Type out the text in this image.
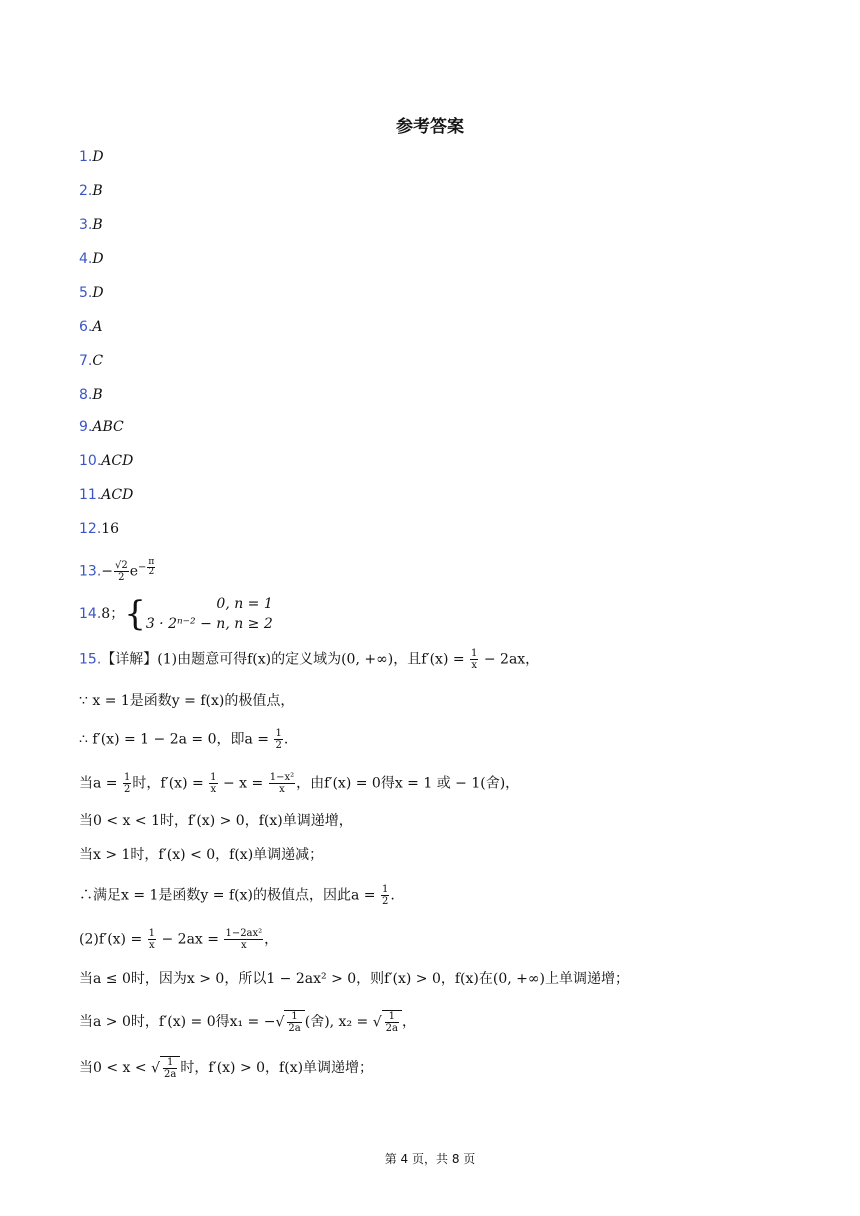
参考答案
1.D
2.B
3.B
4.D
5.D
6.A
7.C
8.B
9.ABC
10.ACD
11.ACD
12.16
$13.- \frac{√2}{2} e^{- \frac{\pi}{2}}$
14.8；{	0, n = 1
3 · 2ⁿ⁻² − n, n ≥ 2
15.【详解】(1)由题意可得f(x)的定义域为(0, +∞)，且$f'(x) = \frac{1}{x} - 2ax$，
∵ x = 1是函数y = f(x)的极值点，
∴ f′(x) = 1 − 2a = 0，即$a = \frac{1}{2}$ .
当$a = \frac{1}{2}$ 时，$f'(x) = \frac{1}{x} - x = \frac{\text{1−x²}}{x}$ ，由f′(x) = 0得x = 1 或 − 1(舍)，
当0 < x < 1时，f′(x) > 0，f(x)单调递增，
当x > 1时，f′(x) < 0，f(x)单调递减；
∴满足x = 1是函数y = f(x)的极值点，因此$a = \frac{1}{2}$ .
$(2)f'(x) = \frac{1}{x} - 2ax = \frac{\text{1−2ax²}}{x}$ ，
当a ≤ 0时，因为x > 0，所以1 − 2ax² > 0，则f′(x) > 0，f(x)在(0, +∞)上单调递增；
当a > 0时，f′(x) = 0得x₁ = −√ $\frac{1}{2a}$ (舍), x₂ = √ $\frac{1}{2a}$ ，
当0 < x < √ $\frac{1}{2a}$ 时，f′(x) > 0，f(x)单调递增；
第 4 页，共 8 页
